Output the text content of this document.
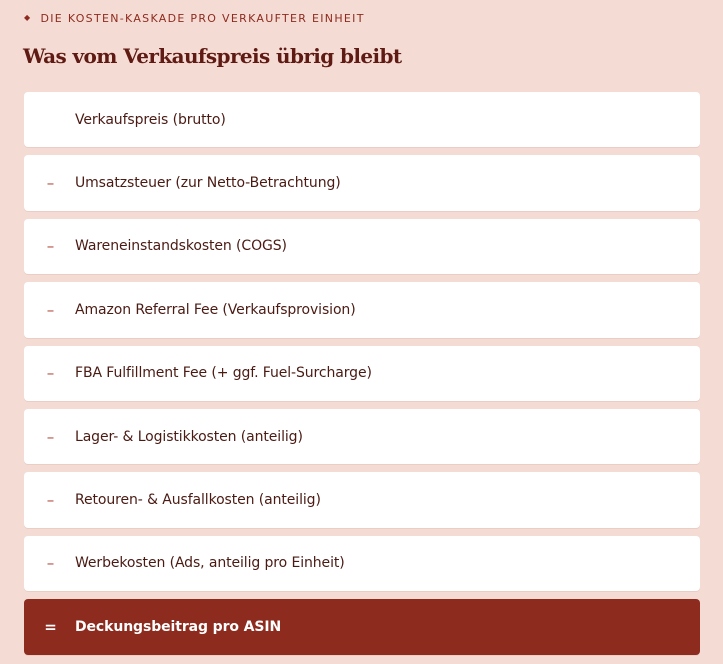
◆ DIE KOSTEN-KASKADE PRO VERKAUFTER EINHEIT
Was vom Verkaufspreis übrig bleibt
Verkaufspreis (brutto)
–	Umsatzsteuer (zur Netto-Betrachtung)
–	Wareneinstandskosten (COGS)
–	Amazon Referral Fee (Verkaufsprovision)
–	FBA Fulfillment Fee (+ ggf. Fuel-Surcharge)
–	Lager- & Logistikkosten (anteilig)
–	Retouren- & Ausfallkosten (anteilig)
–	Werbekosten (Ads, anteilig pro Einheit)
=	Deckungsbeitrag pro ASIN
